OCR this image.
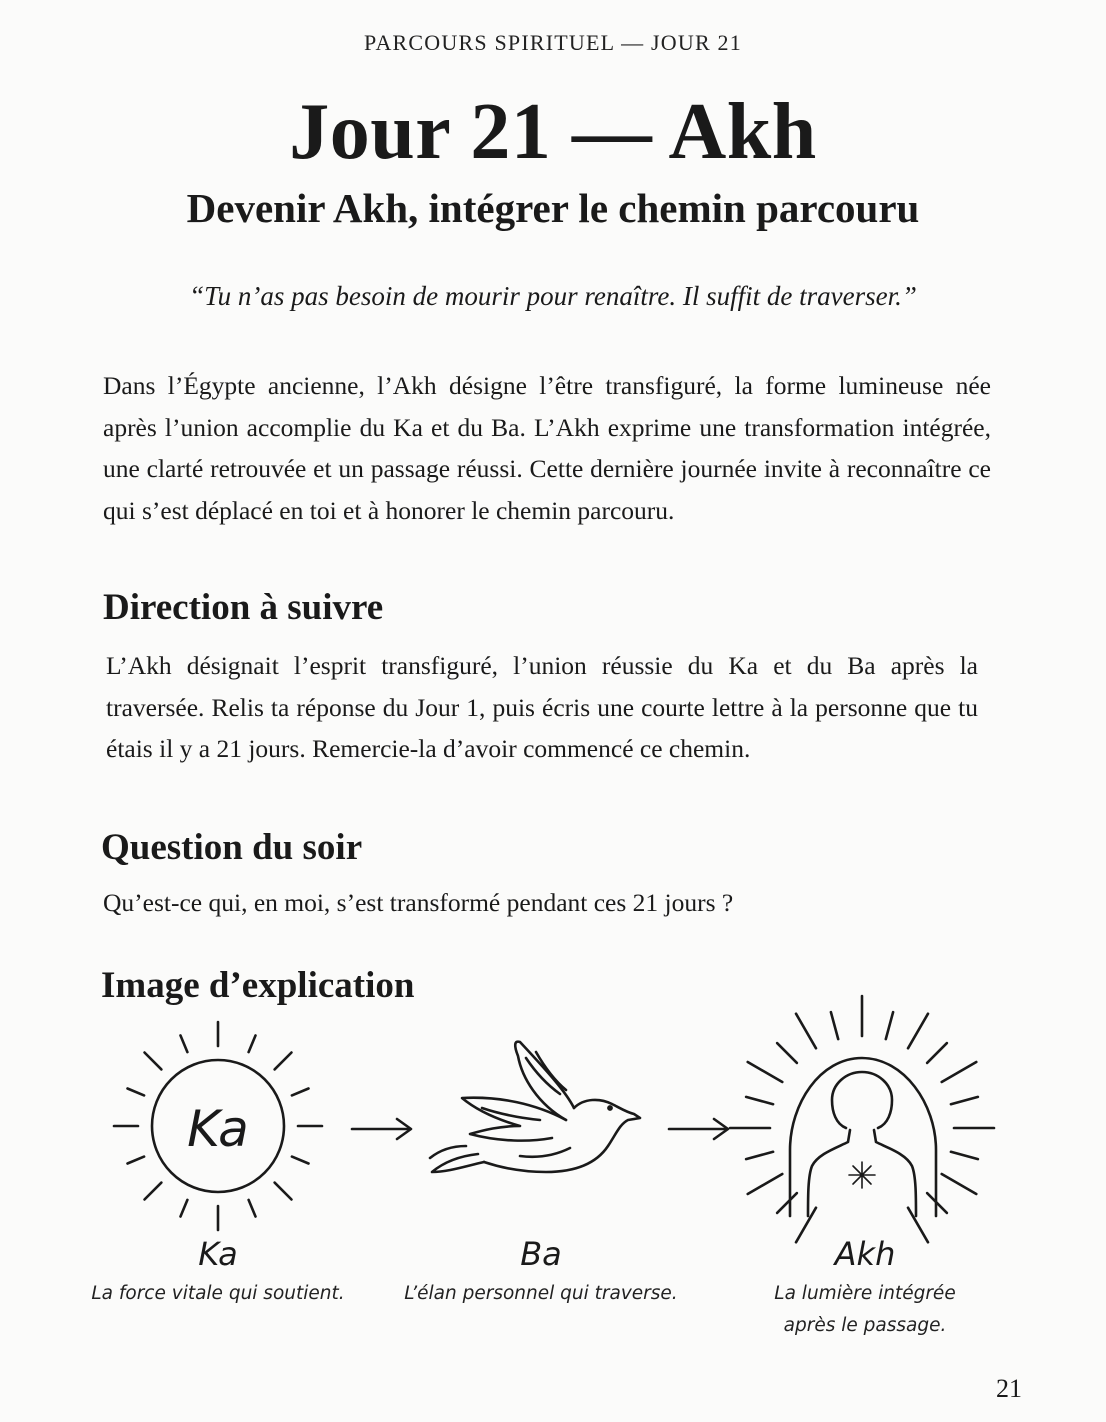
PARCOURS SPIRITUEL — JOUR 21
Jour 21 — Akh
Devenir Akh, intégrer le chemin parcouru

“Tu n’as pas besoin de mourir pour renaître. Il suffit de traverser.”

Dans l’Égypte ancienne, l’Akh désigne l’être transfiguré, la forme lumineuse née après l’union accomplie du Ka et du Ba. L’Akh exprime une transformation intégrée, une clarté retrouvée et un passage réussi. Cette dernière journée invite à reconnaître ce qui s’est déplacé en toi et à honorer le chemin parcouru.

Direction à suivre

L’Akh désignait l’esprit transfiguré, l’union réussie du Ka et du Ba après la traversée. Relis ta réponse du Jour 1, puis écris une courte lettre à la personne que tu étais il y a 21 jours. Remercie-la d’avoir commencé ce chemin.

Question du soir

Qu’est-ce qui, en moi, s’est transformé pendant ces 21 jours ?

Image d’explication
Ka
Ka
La force vitale qui soutient.
Ba
L’élan personnel qui traverse.
Akh
La lumière intégrée
après le passage.
21
